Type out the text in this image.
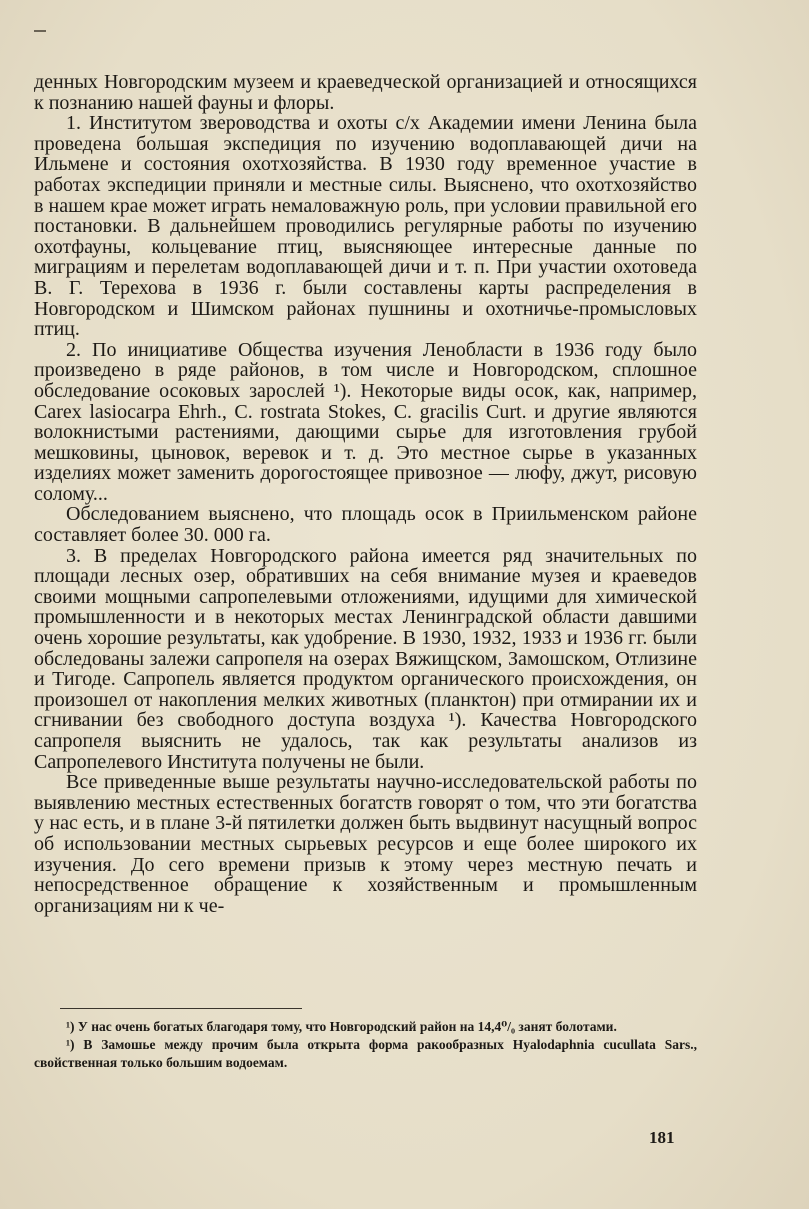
денных Новгородским музеем и краеведческой организацией и относящихся к познанию нашей фауны и флоры.

1. Институтом звероводства и охоты с/х Академии имени Ленина была проведена большая экспедиция по изучению водоплавающей дичи на Ильмене и состояния охотхозяйства. В 1930 году временное участие в работах экспедиции приняли и местные силы. Выяснено, что охотхозяйство в нашем крае может играть немаловажную роль, при условии правильной его постановки. В дальнейшем проводились регулярные работы по изучению охотфауны, кольцевание птиц, выясняющее интересные данные по миграциям и перелетам водоплавающей дичи и т. п. При участии охотоведа В. Г. Терехова в 1936 г. были составлены карты распределения в Новгородском и Шимском районах пушнины и охотничье-промысловых птиц.

2. По инициативе Общества изучения Ленобласти в 1936 году было произведено в ряде районов, в том числе и Новгородском, сплошное обследование осоковых зарослей ¹). Некоторые виды осок, как, например, Carex lasiocarpa Ehrh., C. rostrata Stokes, C. gracilis Curt. и другие являются волокнистыми растениями, дающими сырье для изготовления грубой мешковины, цыновок, веревок и т. д. Это местное сырье в указанных изделиях может заменить дорогостоящее привозное — люфу, джут, рисовую солому...

Обследованием выяснено, что площадь осок в Приильменском районе составляет более 30. 000 га.

3. В пределах Новгородского района имеется ряд значительных по площади лесных озер, обративших на себя внимание музея и краеведов своими мощными сапропелевыми отложениями, идущими для химической промышленности и в некоторых местах Ленинградской области давшими очень хорошие результаты, как удобрение. В 1930, 1932, 1933 и 1936 гг. были обследованы залежи сапропеля на озерах Вяжищском, Замошском, Отлизине и Тигоде. Сапропель является продуктом органического происхождения, он произошел от накопления мелких животных (планктон) при отмирании их и сгнивании без свободного доступа воздуха ¹). Качества Новгородского сапропеля выяснить не удалось, так как результаты анализов из Сапропелевого Института получены не были.

Все приведенные выше результаты научно-исследовательской работы по выявлению местных естественных богатств говорят о том, что эти богатства у нас есть, и в плане 3-й пятилетки должен быть выдвинут насущный вопрос об использовании местных сырьевых ресурсов и еще более широкого их изучения. До сего времени призыв к этому через местную печать и непосредственное обращение к хозяйственным и промышленным организациям ни к че-

¹) У нас очень богатых благодаря тому, что Новгородский район на 14,4⁰/₀ занят болотами.

¹) В Замошье между прочим была открыта форма ракообразных Hyalodaphnia cucullata Sars., свойственная только большим водоемам.

181
